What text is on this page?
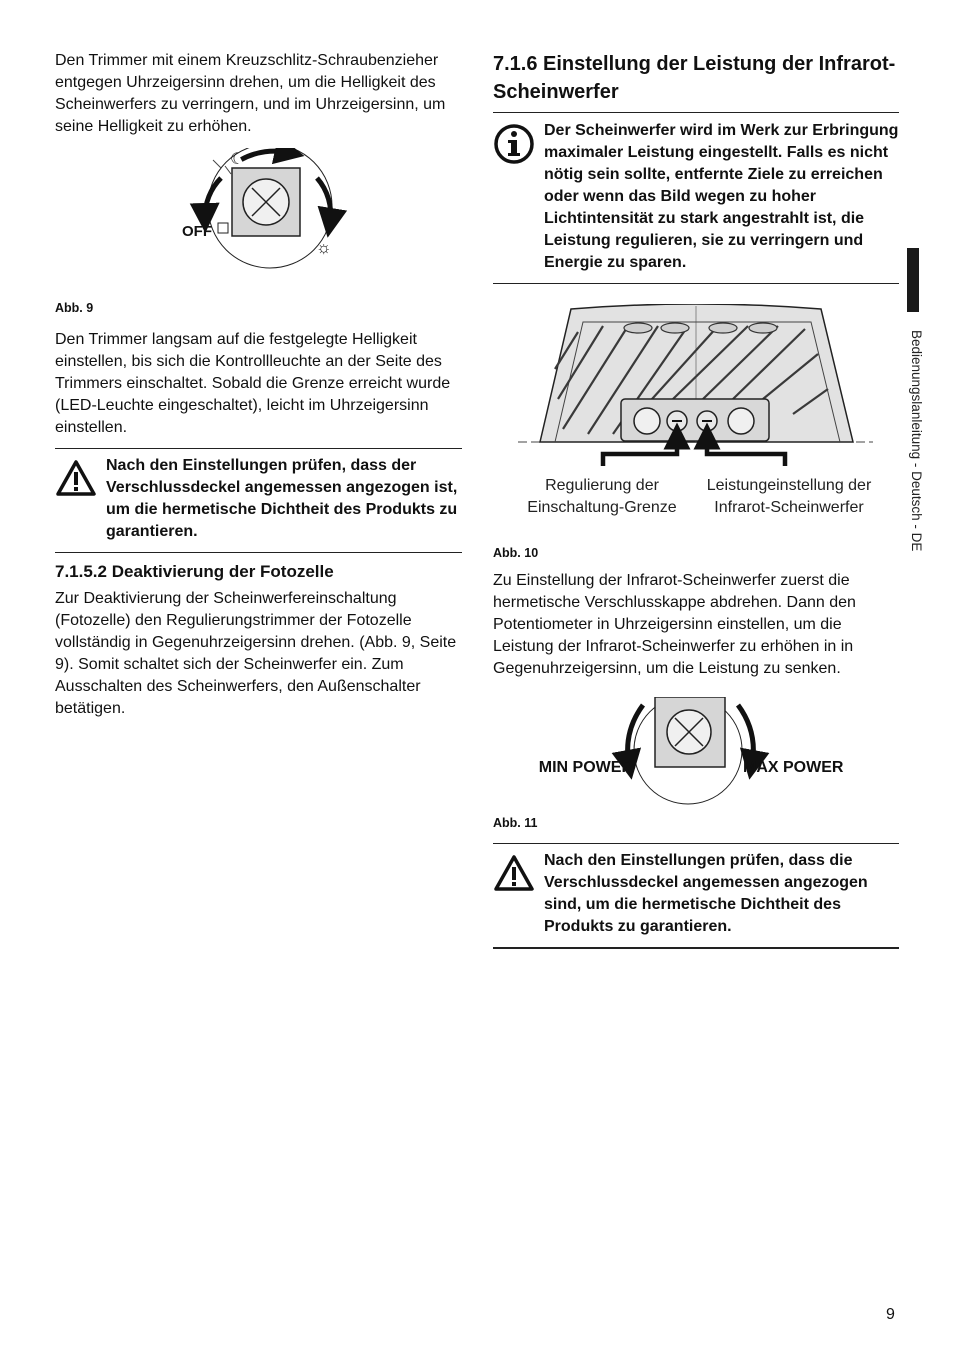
Den Trimmer mit einem Kreuzschlitz-Schraubenzieher entgegen Uhrzeigersinn drehen, um die Helligkeit des Scheinwerfers zu verringern, und im Uhrzeigersinn, um seine Helligkeit zu erhöhen.

☾
OFF
☼

Abb. 9

Den Trimmer langsam auf die festgelegte Helligkeit einstellen, bis sich die Kontrollleuchte an der Seite des Trimmers einschaltet. Sobald die Grenze erreicht wurde (LED-Leuchte eingeschaltet), leicht im Uhrzeigersinn einstellen.

Nach den Einstellungen prüfen, dass der Verschlussdeckel angemessen angezogen ist, um die hermetische Dichtheit des Produkts zu garantieren.
7.1.5.2 Deaktivierung der Fotozelle

Zur Deaktivierung der Scheinwerfereinschaltung (Fotozelle) den Regulierungstrimmer der Fotozelle vollständig in Gegenuhrzeigersinn drehen. (Abb. 9, Seite 9). Somit schaltet sich der Scheinwerfer ein. Zum Ausschalten des Scheinwerfers, den Außenschalter betätigen.

7.1.6 Einstellung der Leistung der Infrarot-Scheinwerfer
Der Scheinwerfer wird im Werk zur Erbringung maximaler Leistung eingestellt. Falls es nicht nötig sein sollte, entfernte Ziele zu erreichen oder wenn das Bild wegen zu hoher Lichtintensität zu stark angestrahlt ist, die Leistung regulieren, sie zu verringern und Energie zu sparen.
Regulierung der
Einschaltung-Grenze
Leistungeinstellung der
Infrarot-Scheinwerfer

Abb. 10

Zu Einstellung der Infrarot-Scheinwerfer zuerst die hermetische Verschlusskappe abdrehen. Dann den Potentiometer in Uhrzeigersinn einstellen, um die Leistung der Infrarot-Scheinwerfer zu erhöhen in in Gegenuhrzeigersinn, um die Leistung zu senken.

MIN POWER	MAX POWER

Abb. 11

Nach den Einstellungen prüfen, dass die Verschlussdeckel angemessen angezogen sind, um die hermetische Dichtheit des Produkts zu garantieren.
Bedienungslanleitung - Deutsch - DE
9
